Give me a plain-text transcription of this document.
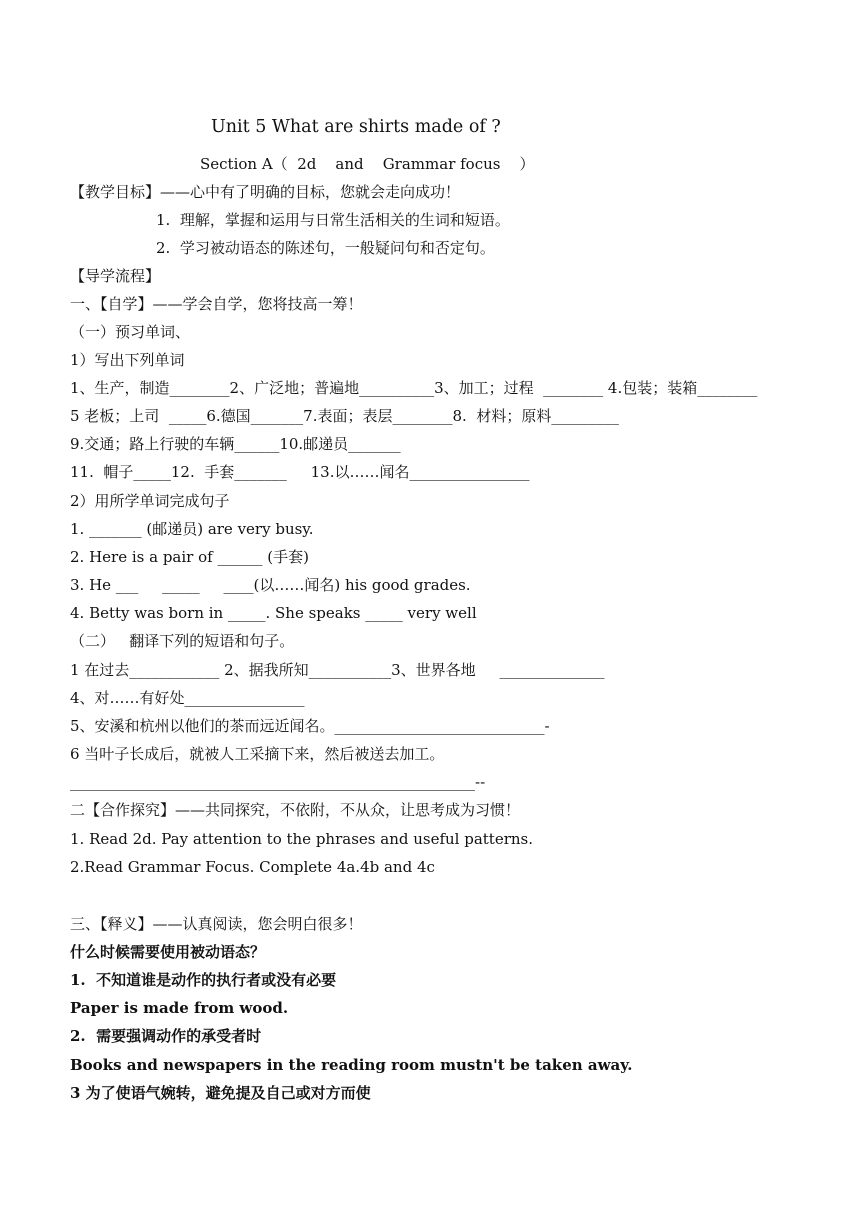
Unit 5 What are shirts made of ?
Section A（  2d    and    Grammar focus    ）
【教学目标】——心中有了明确的目标，您就会走向成功！
1.  理解，掌握和运用与日常生活相关的生词和短语。
2.  学习被动语态的陈述句，一般疑问句和否定句。
【导学流程】
一、【自学】——学会自学，您将技高一筹！
（一）预习单词、
1）写出下列单词
1、生产，制造________2、广泛地；普遍地__________3、加工；过程  ________ 4.包装；装箱________
5 老板；上司  _____6.德国_______7.表面；表层________8.  材料；原料_________
9.交通；路上行驶的车辆______10.邮递员_______
11.  帽子_____12.  手套_______     13.以……闻名________________
2）用所学单词完成句子
1. _______ (邮递员) are very busy.
2. Here is a pair of ______ (手套)
3. He ___     _____     ____(以……闻名) his good grades.
4. Betty was born in _____. She speaks _____ very well
（二）   翻译下列的短语和句子。
1 在过去____________ 2、据我所知___________3、世界各地     ______________
4、对……有好处________________
5、安溪和杭州以他们的茶而远近闻名。____________________________-
6 当叶子长成后，就被人工采摘下来，然后被送去加工。
______________________________________________________--
二【合作探究】——共同探究，不依附，不从众，让思考成为习惯！
1. Read 2d. Pay attention to the phrases and useful patterns.
2.Read Grammar Focus. Complete 4a.4b and 4c
三、【释义】——认真阅读，您会明白很多！
什么时候需要使用被动语态？
1.  不知道谁是动作的执行者或没有必要
Paper is made from wood.
2.  需要强调动作的承受者时
Books and newspapers in the reading room mustn't be taken away.
3 为了使语气婉转，避免提及自己或对方而使
